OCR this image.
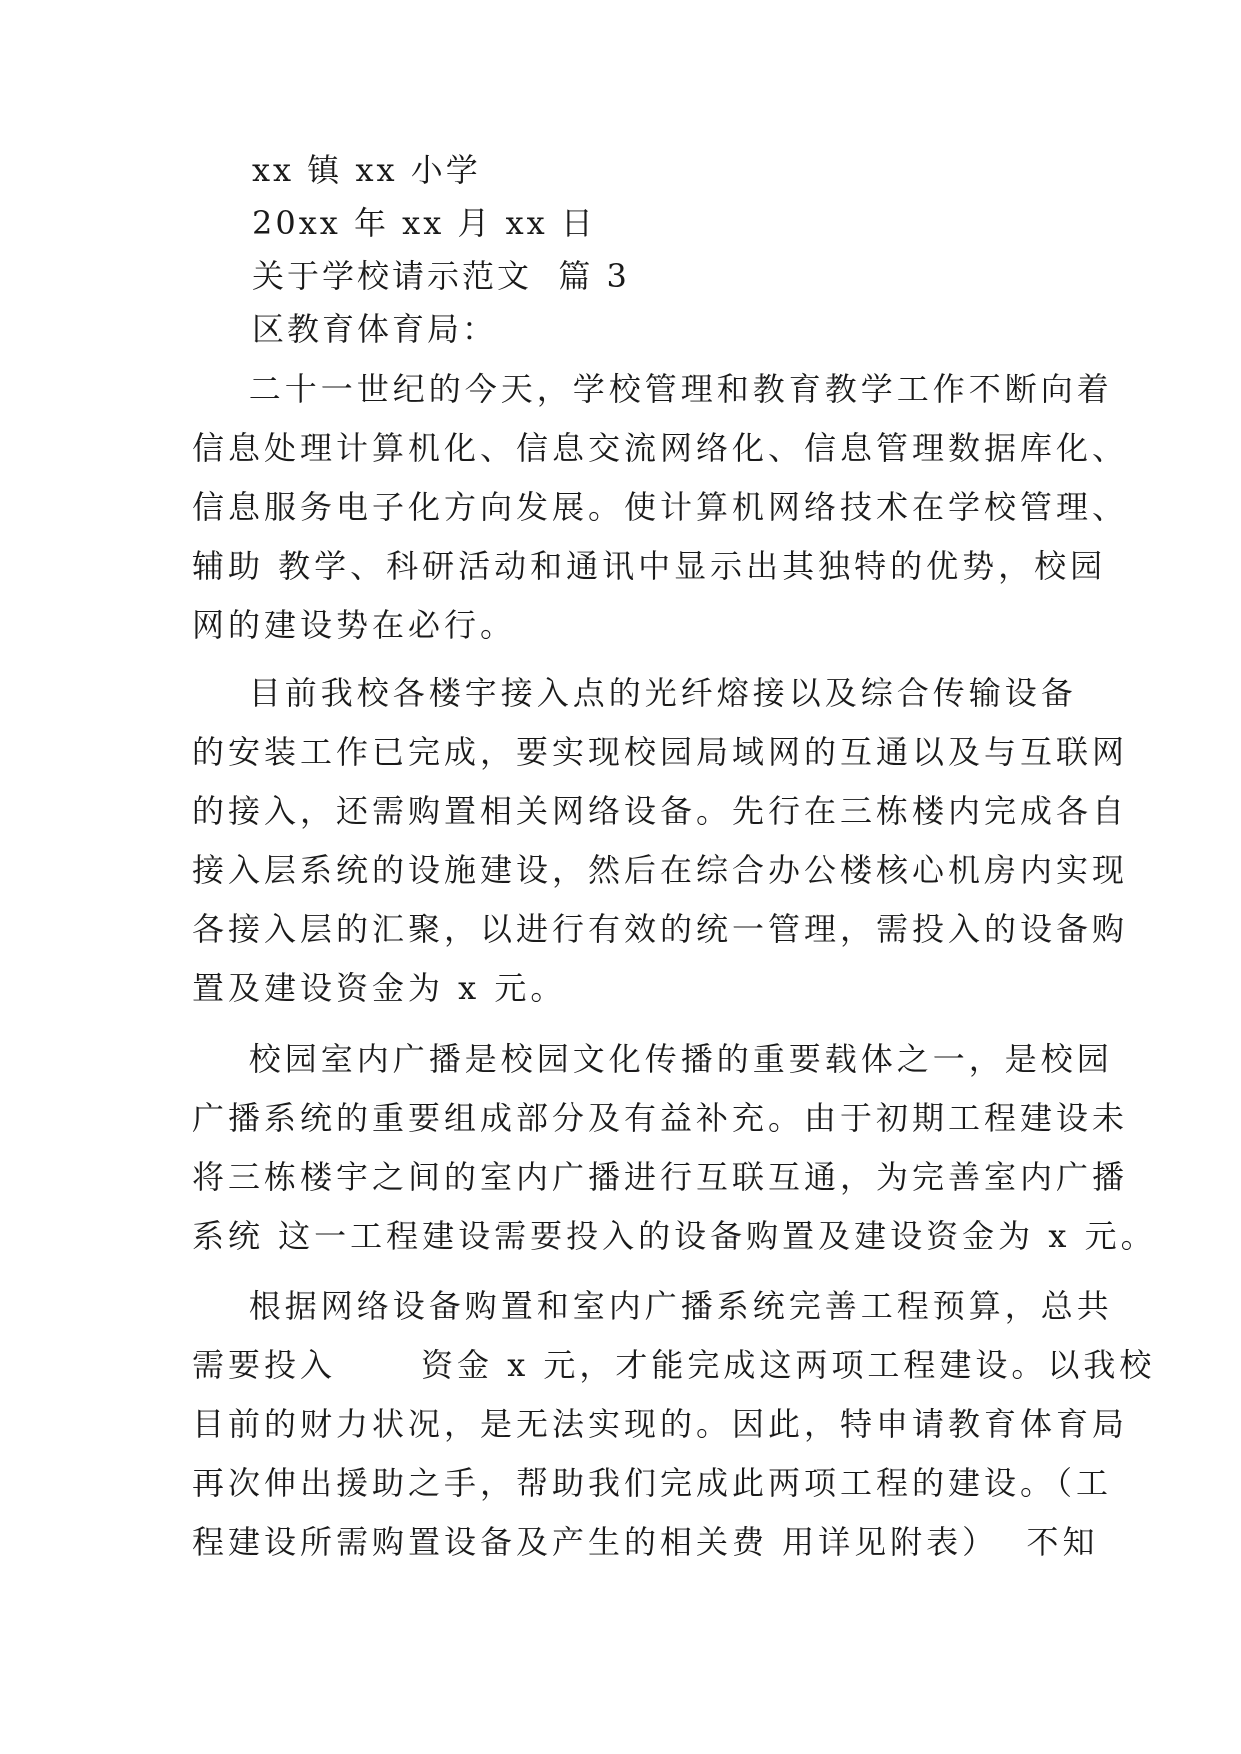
xx 镇 xx 小学
20xx 年 xx 月 xx 日
关于学校请示范文  篇 3
区教育体育局：
二十一世纪的今天，学校管理和教育教学工作不断向着
信息处理计算机化、信息交流网络化、信息管理数据库化、
信息服务电子化方向发展。使计算机网络技术在学校管理、
辅助 教学、科研活动和通讯中显示出其独特的优势，校园
网的建设势在必行。
目前我校各楼宇接入点的光纤熔接以及综合传输设备
的安装工作已完成，要实现校园局域网的互通以及与互联网
的接入，还需购置相关网络设备。先行在三栋楼内完成各自
接入层系统的设施建设，然后在综合办公楼核心机房内实现
各接入层的汇聚，以进行有效的统一管理，需投入的设备购
置及建设资金为 x 元。
校园室内广播是校园文化传播的重要载体之一，是校园
广播系统的重要组成部分及有益补充。由于初期工程建设未
将三栋楼宇之间的室内广播进行互联互通，为完善室内广播
系统 这一工程建设需要投入的设备购置及建设资金为 x 元。
根据网络设备购置和室内广播系统完善工程预算，总共
需要投入      资金 x 元，才能完成这两项工程建设。以我校
目前的财力状况，是无法实现的。因此，特申请教育体育局
再次伸出援助之手，帮助我们完成此两项工程的建设。（工
程建设所需购置设备及产生的相关费 用详见附表）  不知
